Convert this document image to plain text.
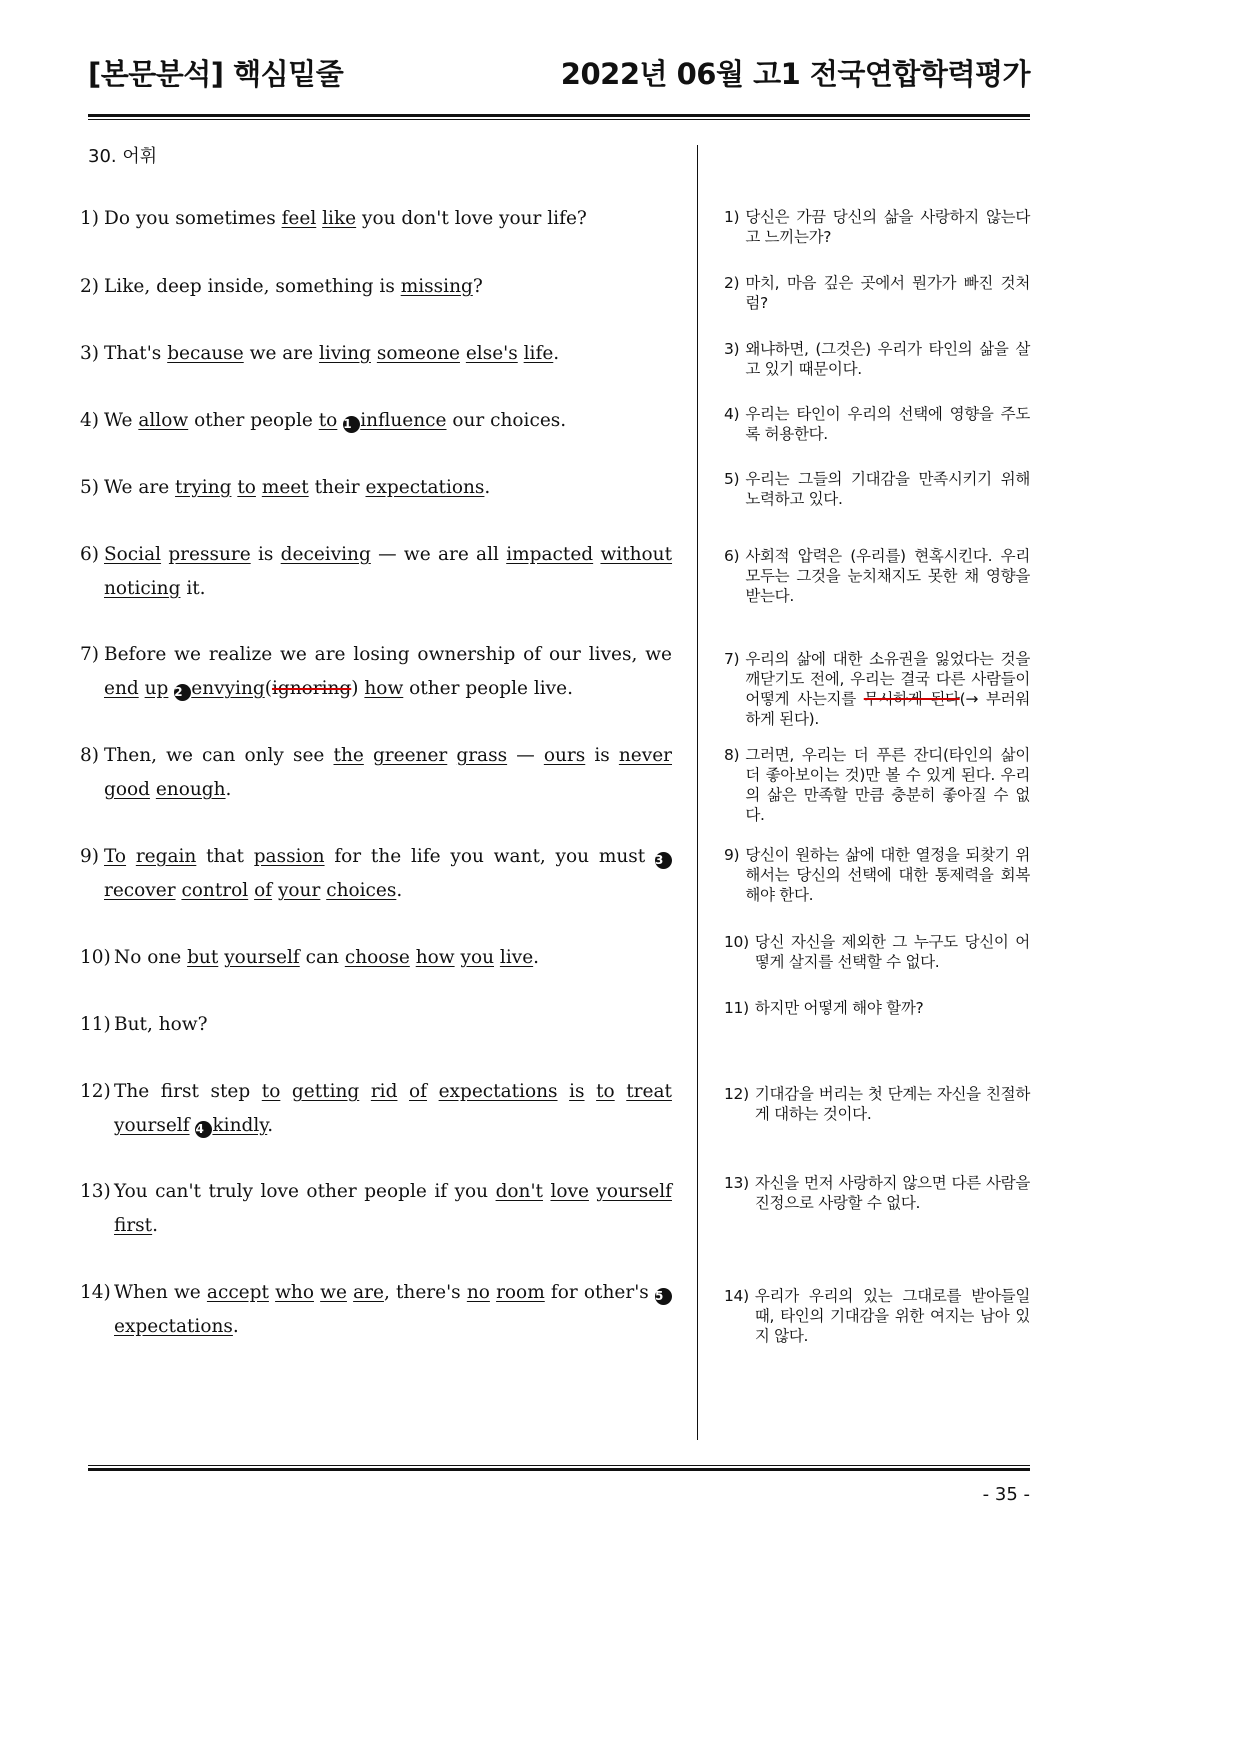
[본문분석] 핵심밑줄	2022년 06월 고1 전국연합학력평가
30. 어휘
1)Do you sometimes feel like you don't love your life?
2)Like, deep inside, something is missing?
3)That's because we are living someone else's life.
4)We allow other people to 1 influence our choices.
5)We are trying to meet their expectations.
6)Social pressure is deceiving — we are all impacted without noticing it.
7)Before we realize we are losing ownership of our lives, we end up 2 envying(ignoring) how other people live.
8)Then, we can only see the greener grass — ours is never good enough.
9)To regain that passion for the life you want, you must 3 recover control of your choices.
10)No one but yourself can choose how you live.
11)But, how?
12)The first step to getting rid of expectations is to treat yourself 4 kindly.
13)You can't truly love other people if you don't love yourself first.
14)When we accept who we are, there's no room for other's 5 expectations.
1) 당신은 가끔 당신의 삶을 사랑하지 않는다고 느끼는가?
2) 마치, 마음 깊은 곳에서 뭔가가 빠진 것처럼?
3) 왜냐하면, (그것은) 우리가 타인의 삶을 살고 있기 때문이다.
4) 우리는 타인이 우리의 선택에 영향을 주도록 허용한다.
5) 우리는 그들의 기대감을 만족시키기 위해 노력하고 있다.
6) 사회적 압력은 (우리를) 현혹시킨다. 우리 모두는 그것을 눈치채지도 못한 채 영향을 받는다.
7) 우리의 삶에 대한 소유권을 잃었다는 것을 깨닫기도 전에, 우리는 결국 다른 사람들이 어떻게 사는지를 무시하게 된다(→ 부러워하게 된다).
8) 그러면, 우리는 더 푸른 잔디(타인의 삶이 더 좋아보이는 것)만 볼 수 있게 된다. 우리의 삶은 만족할 만큼 충분히 좋아질 수 없다.
9) 당신이 원하는 삶에 대한 열정을 되찾기 위해서는 당신의 선택에 대한 통제력을 회복해야 한다.
10) 당신 자신을 제외한 그 누구도 당신이 어떻게 살지를 선택할 수 없다.
11) 하지만 어떻게 해야 할까?
12) 기대감을 버리는 첫 단계는 자신을 친절하게 대하는 것이다.
13) 자신을 먼저 사랑하지 않으면 다른 사람을 진정으로 사랑할 수 없다.
14) 우리가 우리의 있는 그대로를 받아들일 때, 타인의 기대감을 위한 여지는 남아 있지 않다.
- 35 -
